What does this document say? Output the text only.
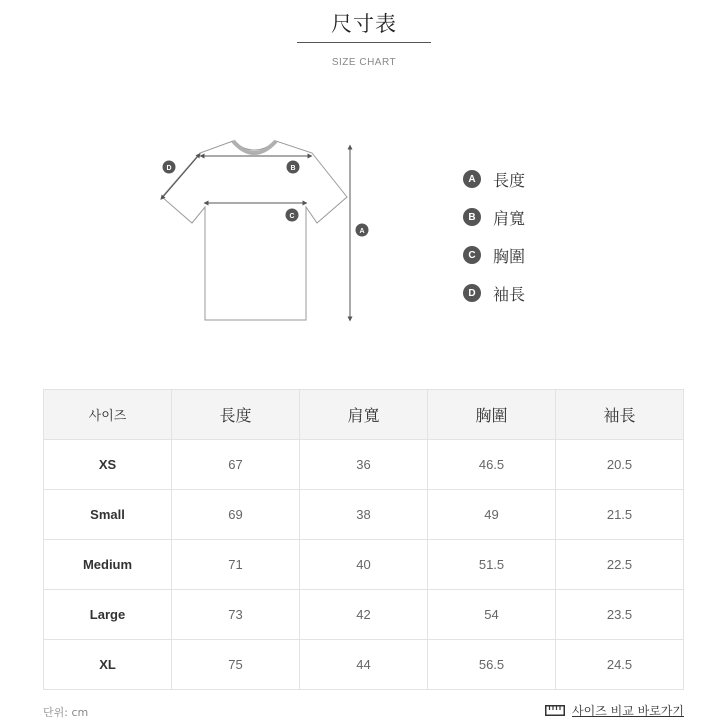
尺寸表
SIZE CHART
D	B
C
A
A	長度
B	肩寬
C	胸圍
D	袖長
사이즈	長度	肩寬	胸圍	袖長
XS	67	36	46.5	20.5
Small	69	38	49	21.5
Medium	71	40	51.5	22.5
Large	73	42	54	23.5
XL	75	44	56.5	24.5
단위: cm	사이즈 비교 바로가기
